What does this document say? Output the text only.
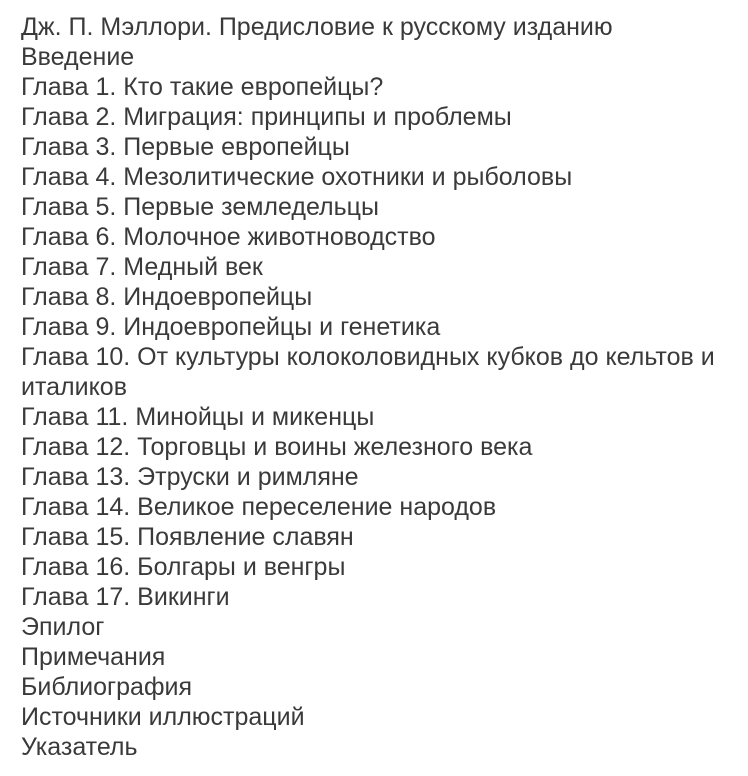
Дж. П. Мэллори. Предисловие к русскому изданию
Введение
Глава 1. Кто такие европейцы?
Глава 2. Миграция: принципы и проблемы
Глава 3. Первые европейцы
Глава 4. Мезолитические охотники и рыболовы
Глава 5. Первые земледельцы
Глава 6. Молочное животноводство
Глава 7. Медный век
Глава 8. Индоевропейцы
Глава 9. Индоевропейцы и генетика
Глава 10. От культуры колоколовидных кубков до кельтов и италиков
Глава 11. Минойцы и микенцы
Глава 12. Торговцы и воины железного века
Глава 13. Этруски и римляне
Глава 14. Великое переселение народов
Глава 15. Появление славян
Глава 16. Болгары и венгры
Глава 17. Викинги
Эпилог
Примечания
Библиография
Источники иллюстраций
Указатель
